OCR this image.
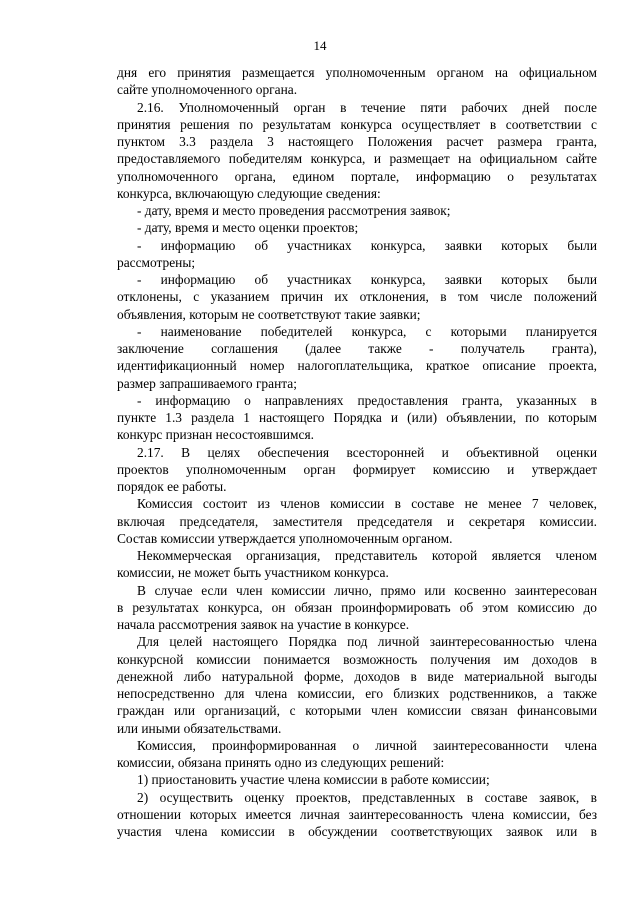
14
дня его принятия размещается уполномоченным органом на официальном
сайте уполномоченного органа.
2.16. Уполномоченный орган в течение пяти рабочих дней после
принятия решения по результатам конкурса осуществляет в соответствии с
пунктом 3.3 раздела 3 настоящего Положения расчет размера гранта,
предоставляемого победителям конкурса, и размещает на официальном сайте
уполномоченного органа, едином портале, информацию о результатах
конкурса, включающую следующие сведения:
- дату, время и место проведения рассмотрения заявок;
- дату, время и место оценки проектов;
- информацию об участниках конкурса, заявки которых были
рассмотрены;
- информацию об участниках конкурса, заявки которых были
отклонены, с указанием причин их отклонения, в том числе положений
объявления, которым не соответствуют такие заявки;
- наименование победителей конкурса, с которыми планируется
заключение соглашения (далее также - получатель гранта),
идентификационный номер налогоплательщика, краткое описание проекта,
размер запрашиваемого гранта;
- информацию о направлениях предоставления гранта, указанных в
пункте 1.3 раздела 1 настоящего Порядка и (или) объявлении, по которым
конкурс признан несостоявшимся.
2.17. В целях обеспечения всесторонней и объективной оценки
проектов уполномоченным орган формирует комиссию и утверждает
порядок ее работы.
Комиссия состоит из членов комиссии в составе не менее 7 человек,
включая председателя, заместителя председателя и секретаря комиссии.
Состав комиссии утверждается уполномоченным органом.
Некоммерческая организация, представитель которой является членом
комиссии, не может быть участником конкурса.
В случае если член комиссии лично, прямо или косвенно заинтересован
в результатах конкурса, он обязан проинформировать об этом комиссию до
начала рассмотрения заявок на участие в конкурсе.
Для целей настоящего Порядка под личной заинтересованностью члена
конкурсной комиссии понимается возможность получения им доходов в
денежной либо натуральной форме, доходов в виде материальной выгоды
непосредственно для члена комиссии, его близких родственников, а также
граждан или организаций, с которыми член комиссии связан финансовыми
или иными обязательствами.
Комиссия, проинформированная о личной заинтересованности члена
комиссии, обязана принять одно из следующих решений:
1) приостановить участие члена комиссии в работе комиссии;
2) осуществить оценку проектов, представленных в составе заявок, в
отношении которых имеется личная заинтересованность члена комиссии, без
участия члена комиссии в обсуждении соответствующих заявок или в
